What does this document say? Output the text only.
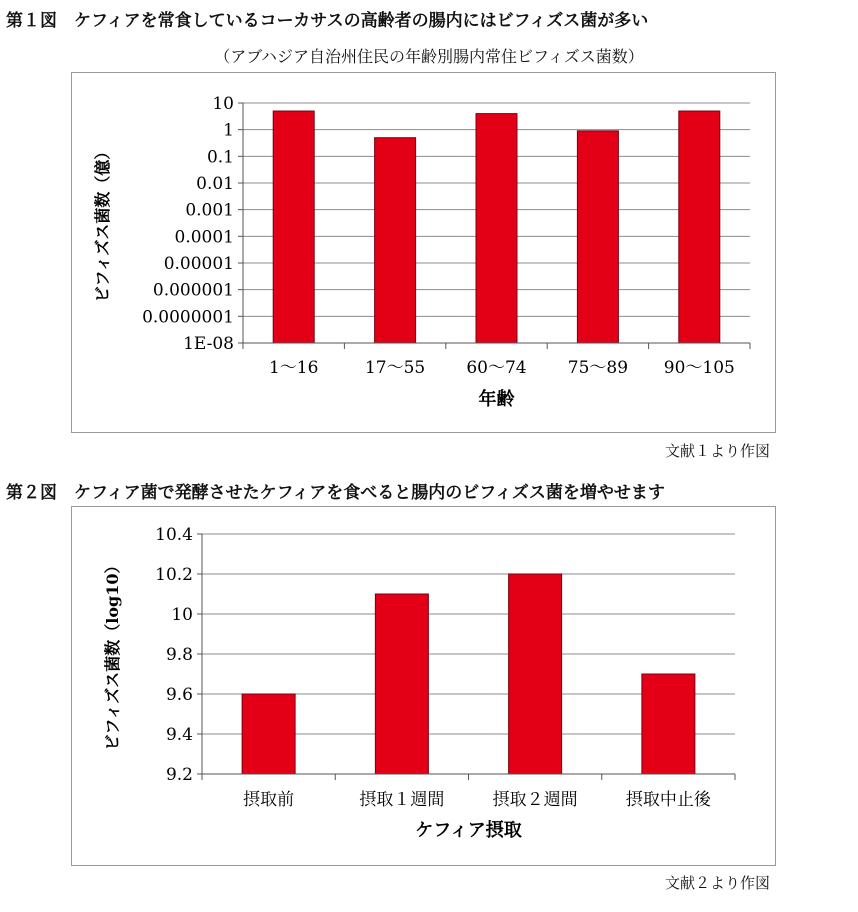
第１図　ケフィアを常食しているコーカサスの高齢者の腸内にはビフィズス菌が多い
（アブハジア自治州住民の年齢別腸内常住ビフィズス菌数）
10
1
0.1
0.01
0.001
0.0001
0.00001
0.000001
0.0000001
1E-08
1〜16	17〜55 60〜74 75〜89 90〜105
年齢
ビフィズス菌数（億）
文献１より作図
第２図　ケフィア菌で発酵させたケフィアを食べると腸内のビフィズス菌を増やせます
10.4
10.2
10
9.8
9.6
9.4
9.2
摂取前	摂取１週間	摂取２週間	摂取中止後
ケフィア摂取
ビフィズス菌数（log10）
文献２より作図
